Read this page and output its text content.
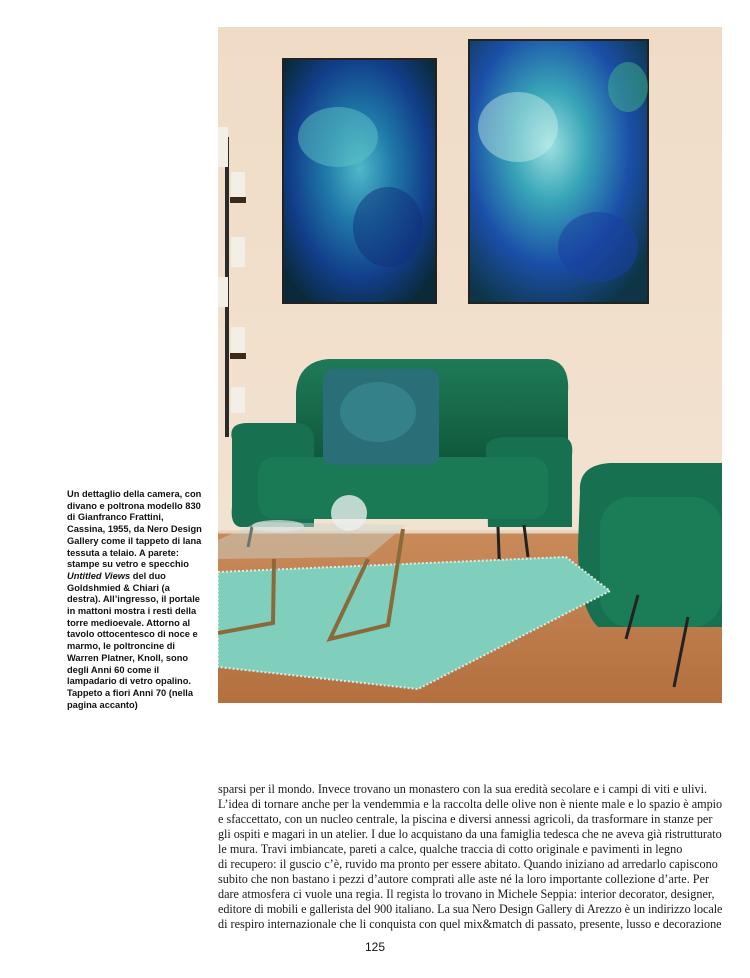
Un dettaglio della camera, con divano e poltrona modello 830 di Gianfranco Frattini, Cassina, 1955, da Nero Design Gallery come il tappeto di lana tessuta a telaio. A parete: stampe su vetro e specchio Untitled Views del duo Goldshmied & Chiari (a destra). All’ingresso, il portale in mattoni mostra i resti della torre medioevale. Attorno al tavolo ottocentesco di noce e marmo, le poltroncine di Warren Platner, Knoll, sono degli Anni 60 come il lampadario di vetro opalino. Tappeto a fiori Anni 70 (nella pagina accanto)

sparsi per il mondo. Invece trovano un monastero con la sua eredità secolare e i campi di viti e ulivi.
L’idea di tornare anche per la vendemmia e la raccolta delle olive non è niente male e lo spazio è ampio
e sfaccettato, con un nucleo centrale, la piscina e diversi annessi agricoli, da trasformare in stanze per
gli ospiti e magari in un atelier. I due lo acquistano da una famiglia tedesca che ne aveva già ristrutturato
le mura. Travi imbiancate, pareti a calce, qualche traccia di cotto originale e pavimenti in legno
di recupero: il guscio c’è, ruvido ma pronto per essere abitato. Quando iniziano ad arredarlo capiscono
subito che non bastano i pezzi d’autore comprati alle aste né la loro importante collezione d’arte. Per
dare atmosfera ci vuole una regia. Il regista lo trovano in Michele Seppia: interior decorator, designer,
editore di mobili e gallerista del 900 italiano. La sua Nero Design Gallery di Arezzo è un indirizzo locale
di respiro internazionale che li conquista con quel mix&match di passato, presente, lusso e decorazione
125
